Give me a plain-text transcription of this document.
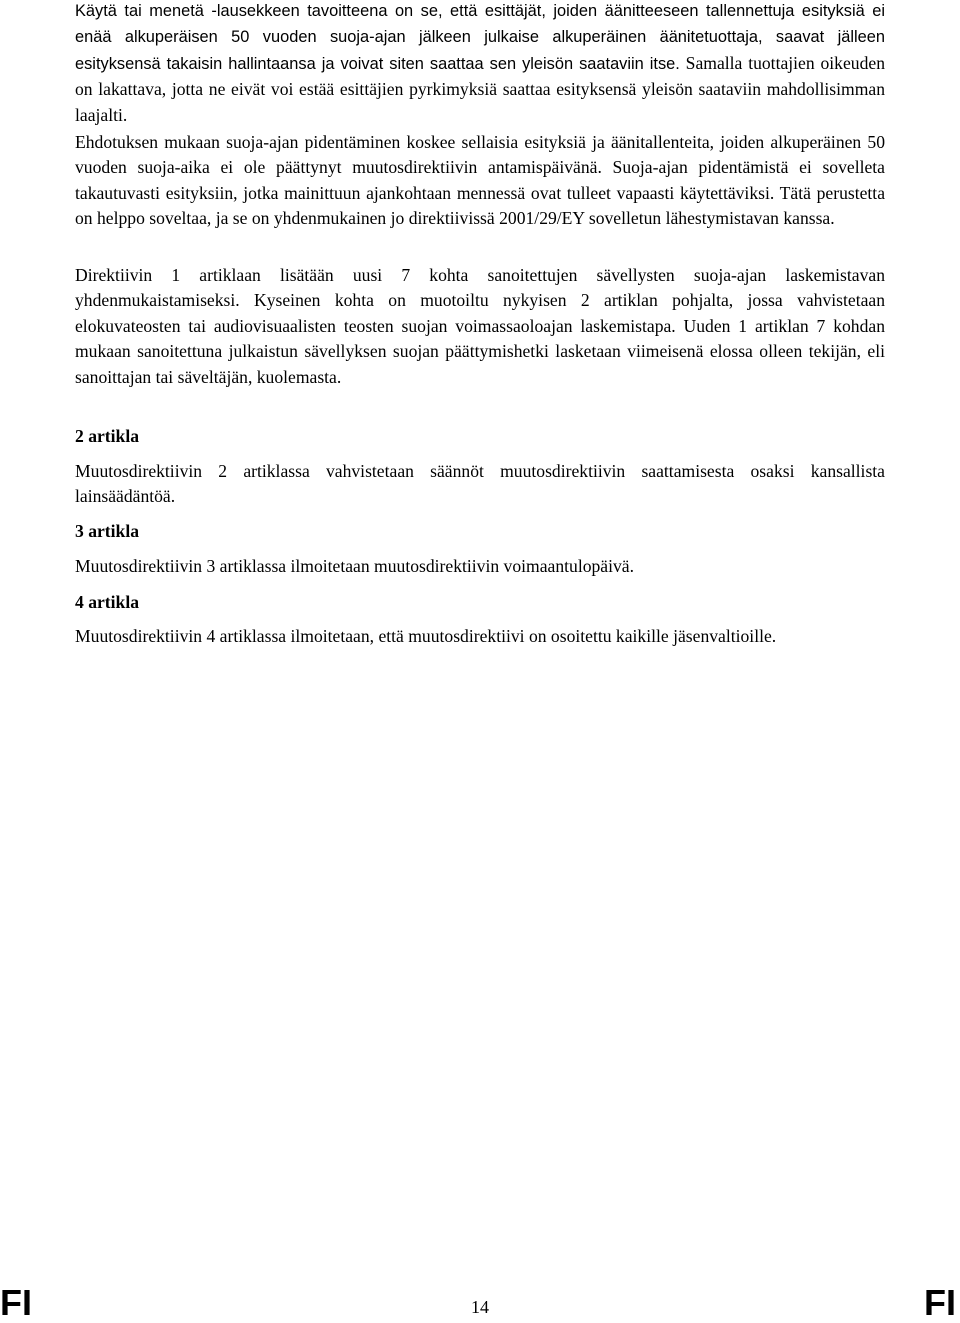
Käytä tai menetä -lausekkeen tavoitteena on se, että esittäjät, joiden äänitteeseen tallennettuja esityksiä ei enää alkuperäisen 50 vuoden suoja-ajan jälkeen julkaise alkuperäinen äänitetuottaja, saavat jälleen esityksensä takaisin hallintaansa ja voivat siten saattaa sen yleisön saataviin itse. Samalla tuottajien oikeuden on lakattava, jotta ne eivät voi estää esittäjien pyrkimyksiä saattaa esityksensä yleisön saataviin mahdollisimman laajalti.

Ehdotuksen mukaan suoja-ajan pidentäminen koskee sellaisia esityksiä ja äänitallenteita, joiden alkuperäinen 50 vuoden suoja-aika ei ole päättynyt muutosdirektiivin antamispäivänä. Suoja-ajan pidentämistä ei sovelleta takautuvasti esityksiin, jotka mainittuun ajankohtaan mennessä ovat tulleet vapaasti käytettäviksi. Tätä perustetta on helppo soveltaa, ja se on yhdenmukainen jo direktiivissä 2001/29/EY sovelletun lähestymistavan kanssa.

Direktiivin 1 artiklaan lisätään uusi 7 kohta sanoitettujen sävellysten suoja-ajan laskemistavan yhdenmukaistamiseksi. Kyseinen kohta on muotoiltu nykyisen 2 artiklan pohjalta, jossa vahvistetaan elokuvateosten tai audiovisuaalisten teosten suojan voimassaoloajan laskemistapa. Uuden 1 artiklan 7 kohdan mukaan sanoitettuna julkaistun sävellyksen suojan päättymishetki lasketaan viimeisenä elossa olleen tekijän, eli sanoittajan tai säveltäjän, kuolemasta.

2 artikla

Muutosdirektiivin 2 artiklassa vahvistetaan säännöt muutosdirektiivin saattamisesta osaksi kansallista lainsäädäntöä.

3 artikla

Muutosdirektiivin 3 artiklassa ilmoitetaan muutosdirektiivin voimaantulopäivä.

4 artikla

Muutosdirektiivin 4 artiklassa ilmoitetaan, että muutosdirektiivi on osoitettu kaikille jäsenvaltioille.

FI	14	FI
